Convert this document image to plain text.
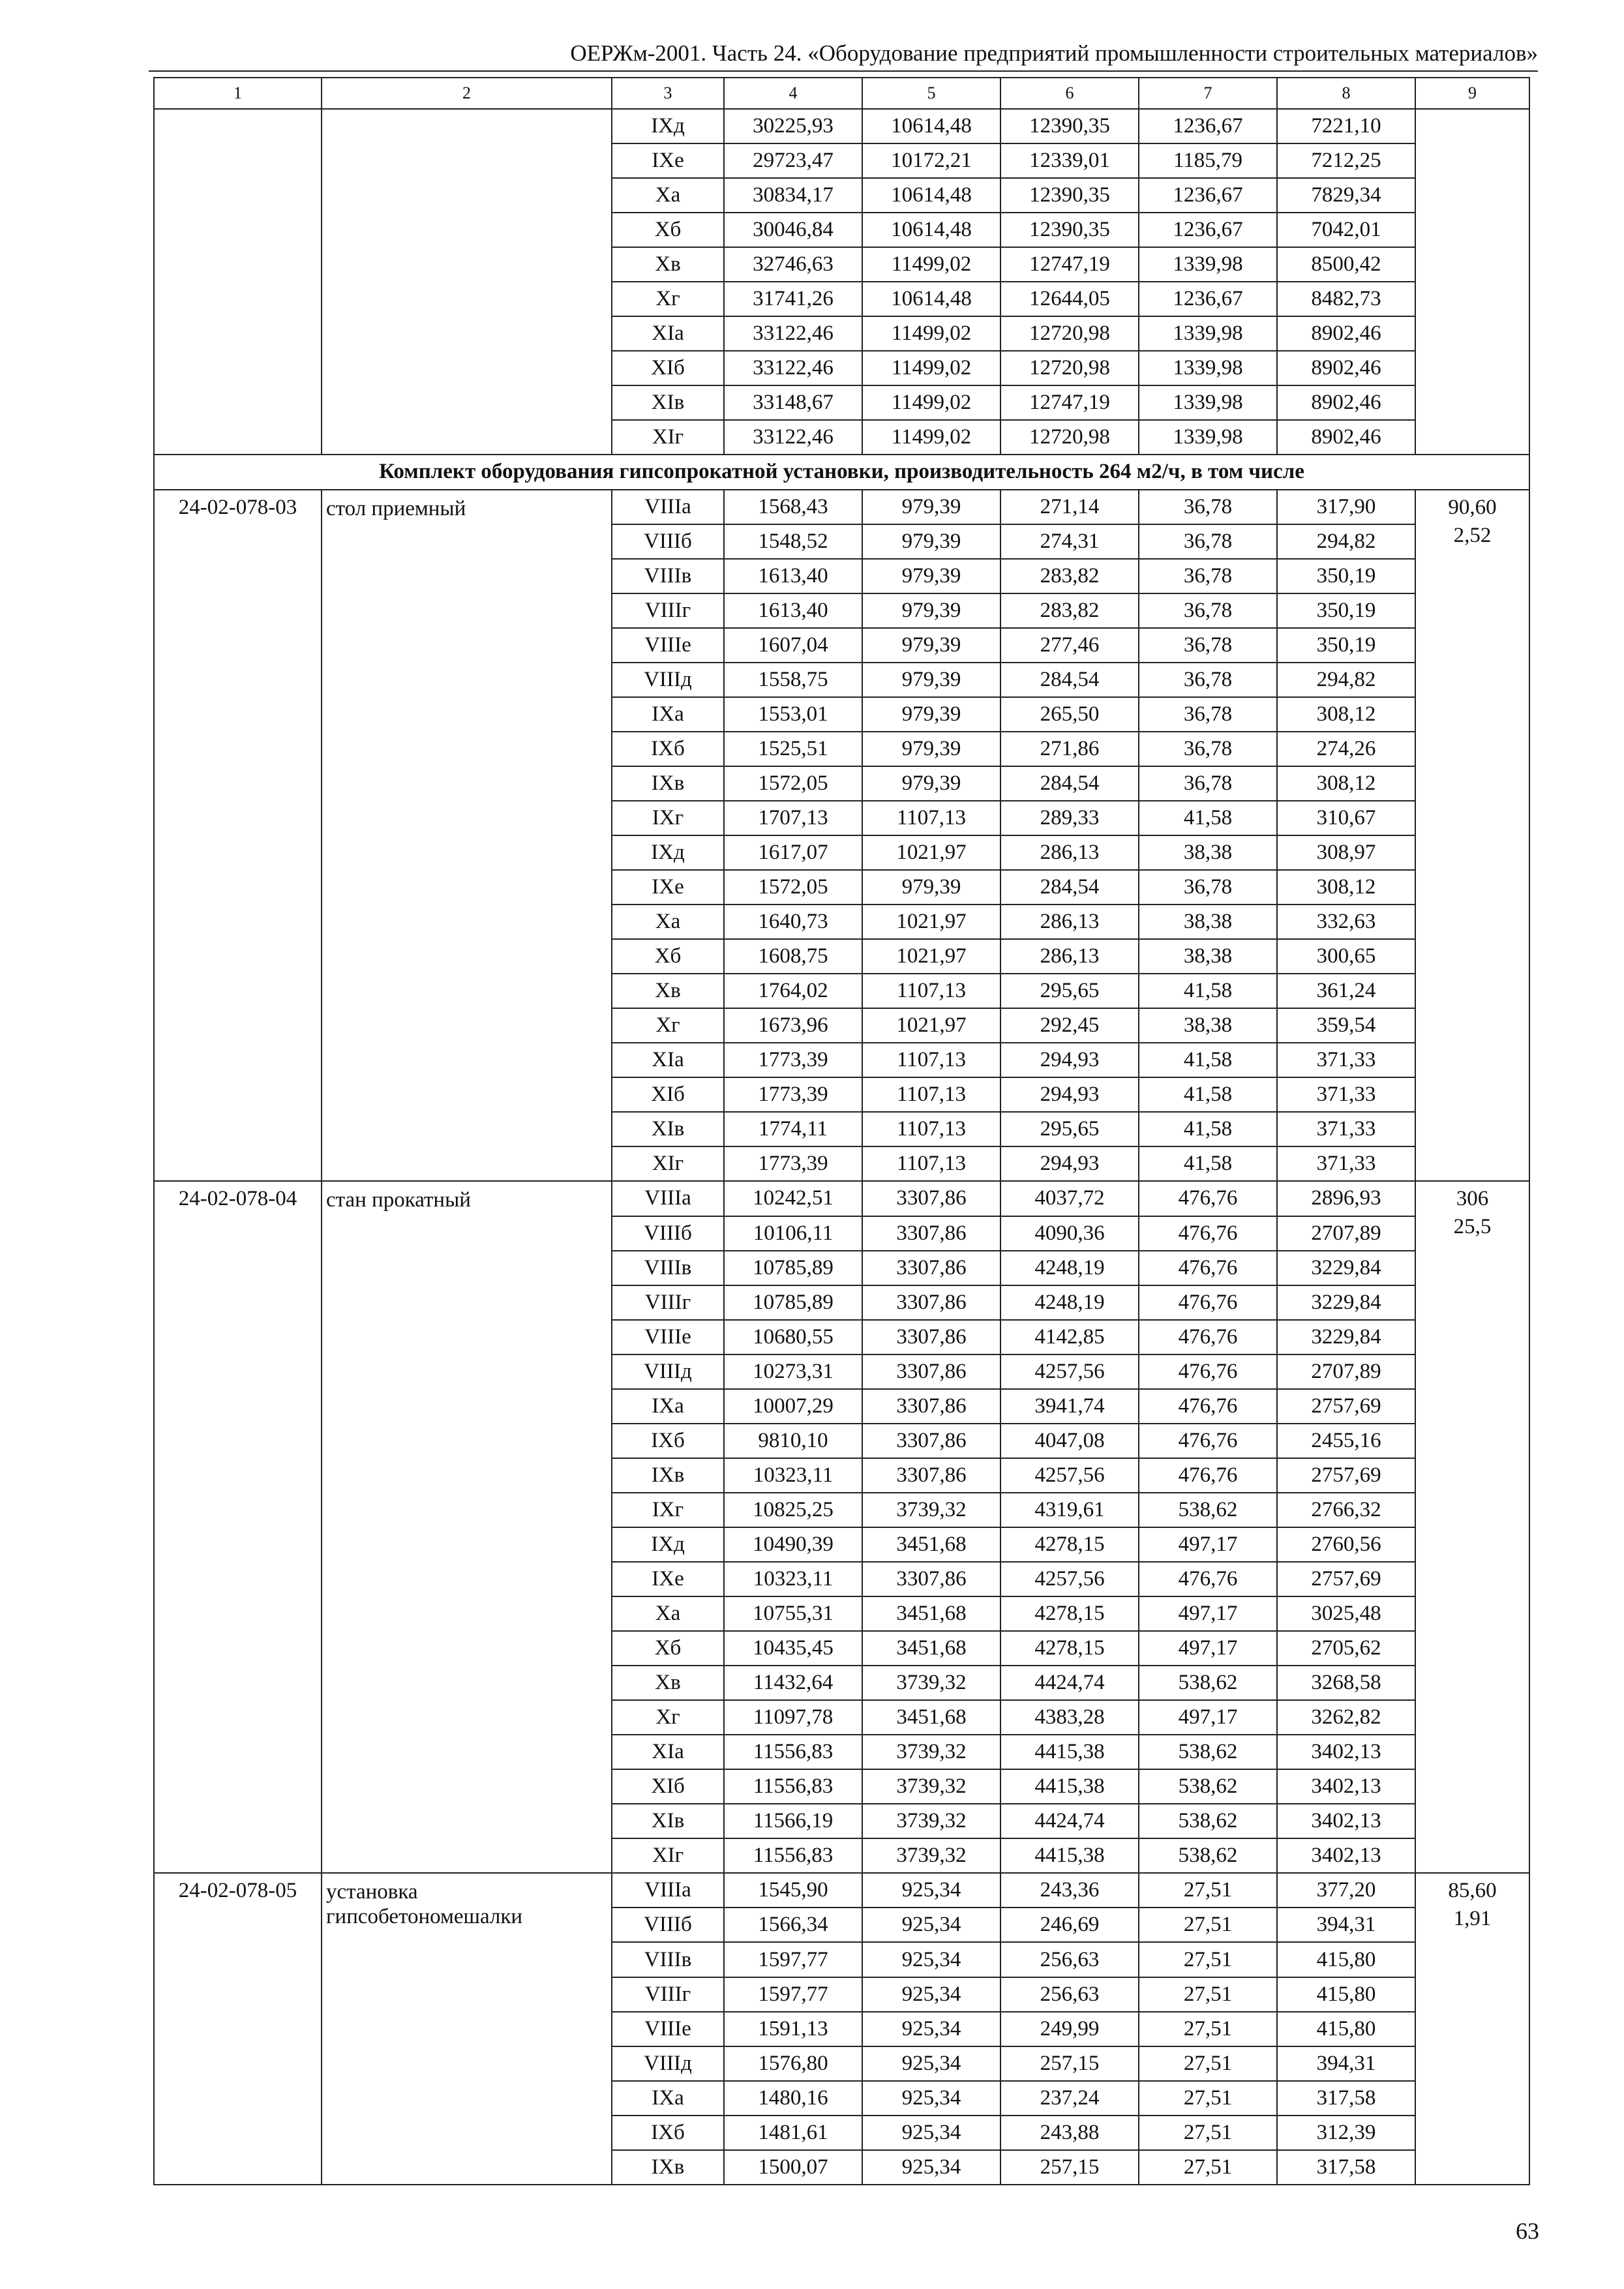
ОЕРЖм-2001. Часть 24. «Оборудование предприятий промышленности строительных материалов»
1	2	3	4	5	6	7	8	9
		IXд	30225,93	10614,48	12390,35	1236,67	7221,10	
		IXе	29723,47	10172,21	12339,01	1185,79	7212,25	
		Xа	30834,17	10614,48	12390,35	1236,67	7829,34	
		Xб	30046,84	10614,48	12390,35	1236,67	7042,01	
		Xв	32746,63	11499,02	12747,19	1339,98	8500,42	
		Xг	31741,26	10614,48	12644,05	1236,67	8482,73	
		XIа	33122,46	11499,02	12720,98	1339,98	8902,46	
		XIб	33122,46	11499,02	12720,98	1339,98	8902,46	
		XIв	33148,67	11499,02	12747,19	1339,98	8902,46	
		XIг	33122,46	11499,02	12720,98	1339,98	8902,46	
Комплект оборудования гипсопрокатной установки, производительность 264 м2/ч, в том числе								
24-02-078-03	стол приемный	VIIIа	1568,43	979,39	271,14	36,78	317,90	90,60
2,52

		VIIIб	1548,52	979,39	274,31	36,78	294,82	
		VIIIв	1613,40	979,39	283,82	36,78	350,19	
		VIIIг	1613,40	979,39	283,82	36,78	350,19	
		VIIIе	1607,04	979,39	277,46	36,78	350,19	
		VIIIд	1558,75	979,39	284,54	36,78	294,82	
		IXа	1553,01	979,39	265,50	36,78	308,12	
		IXб	1525,51	979,39	271,86	36,78	274,26	
		IXв	1572,05	979,39	284,54	36,78	308,12	
		IXг	1707,13	1107,13	289,33	41,58	310,67	
		IXд	1617,07	1021,97	286,13	38,38	308,97	
		IXе	1572,05	979,39	284,54	36,78	308,12	
		Xа	1640,73	1021,97	286,13	38,38	332,63	
		Xб	1608,75	1021,97	286,13	38,38	300,65	
		Xв	1764,02	1107,13	295,65	41,58	361,24	
		Xг	1673,96	1021,97	292,45	38,38	359,54	
		XIа	1773,39	1107,13	294,93	41,58	371,33	
		XIб	1773,39	1107,13	294,93	41,58	371,33	
		XIв	1774,11	1107,13	295,65	41,58	371,33	
		XIг	1773,39	1107,13	294,93	41,58	371,33	
24-02-078-04	стан прокатный	VIIIа	10242,51	3307,86	4037,72	476,76	2896,93	306
25,5

		VIIIб	10106,11	3307,86	4090,36	476,76	2707,89	
		VIIIв	10785,89	3307,86	4248,19	476,76	3229,84	
		VIIIг	10785,89	3307,86	4248,19	476,76	3229,84	
		VIIIе	10680,55	3307,86	4142,85	476,76	3229,84	
		VIIIд	10273,31	3307,86	4257,56	476,76	2707,89	
		IXа	10007,29	3307,86	3941,74	476,76	2757,69	
		IXб	9810,10	3307,86	4047,08	476,76	2455,16	
		IXв	10323,11	3307,86	4257,56	476,76	2757,69	
		IXг	10825,25	3739,32	4319,61	538,62	2766,32	
		IXд	10490,39	3451,68	4278,15	497,17	2760,56	
		IXе	10323,11	3307,86	4257,56	476,76	2757,69	
		Xа	10755,31	3451,68	4278,15	497,17	3025,48	
		Xб	10435,45	3451,68	4278,15	497,17	2705,62	
		Xв	11432,64	3739,32	4424,74	538,62	3268,58	
		Xг	11097,78	3451,68	4383,28	497,17	3262,82	
		XIа	11556,83	3739,32	4415,38	538,62	3402,13	
		XIб	11556,83	3739,32	4415,38	538,62	3402,13	
		XIв	11566,19	3739,32	4424,74	538,62	3402,13	
		XIг	11556,83	3739,32	4415,38	538,62	3402,13	
24-02-078-05	установка гипсобетономешалки	VIIIа	1545,90	925,34	243,36	27,51	377,20	85,60
1,91

		VIIIб	1566,34	925,34	246,69	27,51	394,31	
		VIIIв	1597,77	925,34	256,63	27,51	415,80	
		VIIIг	1597,77	925,34	256,63	27,51	415,80	
		VIIIе	1591,13	925,34	249,99	27,51	415,80	
		VIIIд	1576,80	925,34	257,15	27,51	394,31	
		IXа	1480,16	925,34	237,24	27,51	317,58	
		IXб	1481,61	925,34	243,88	27,51	312,39	
		IXв	1500,07	925,34	257,15	27,51	317,58	
63
